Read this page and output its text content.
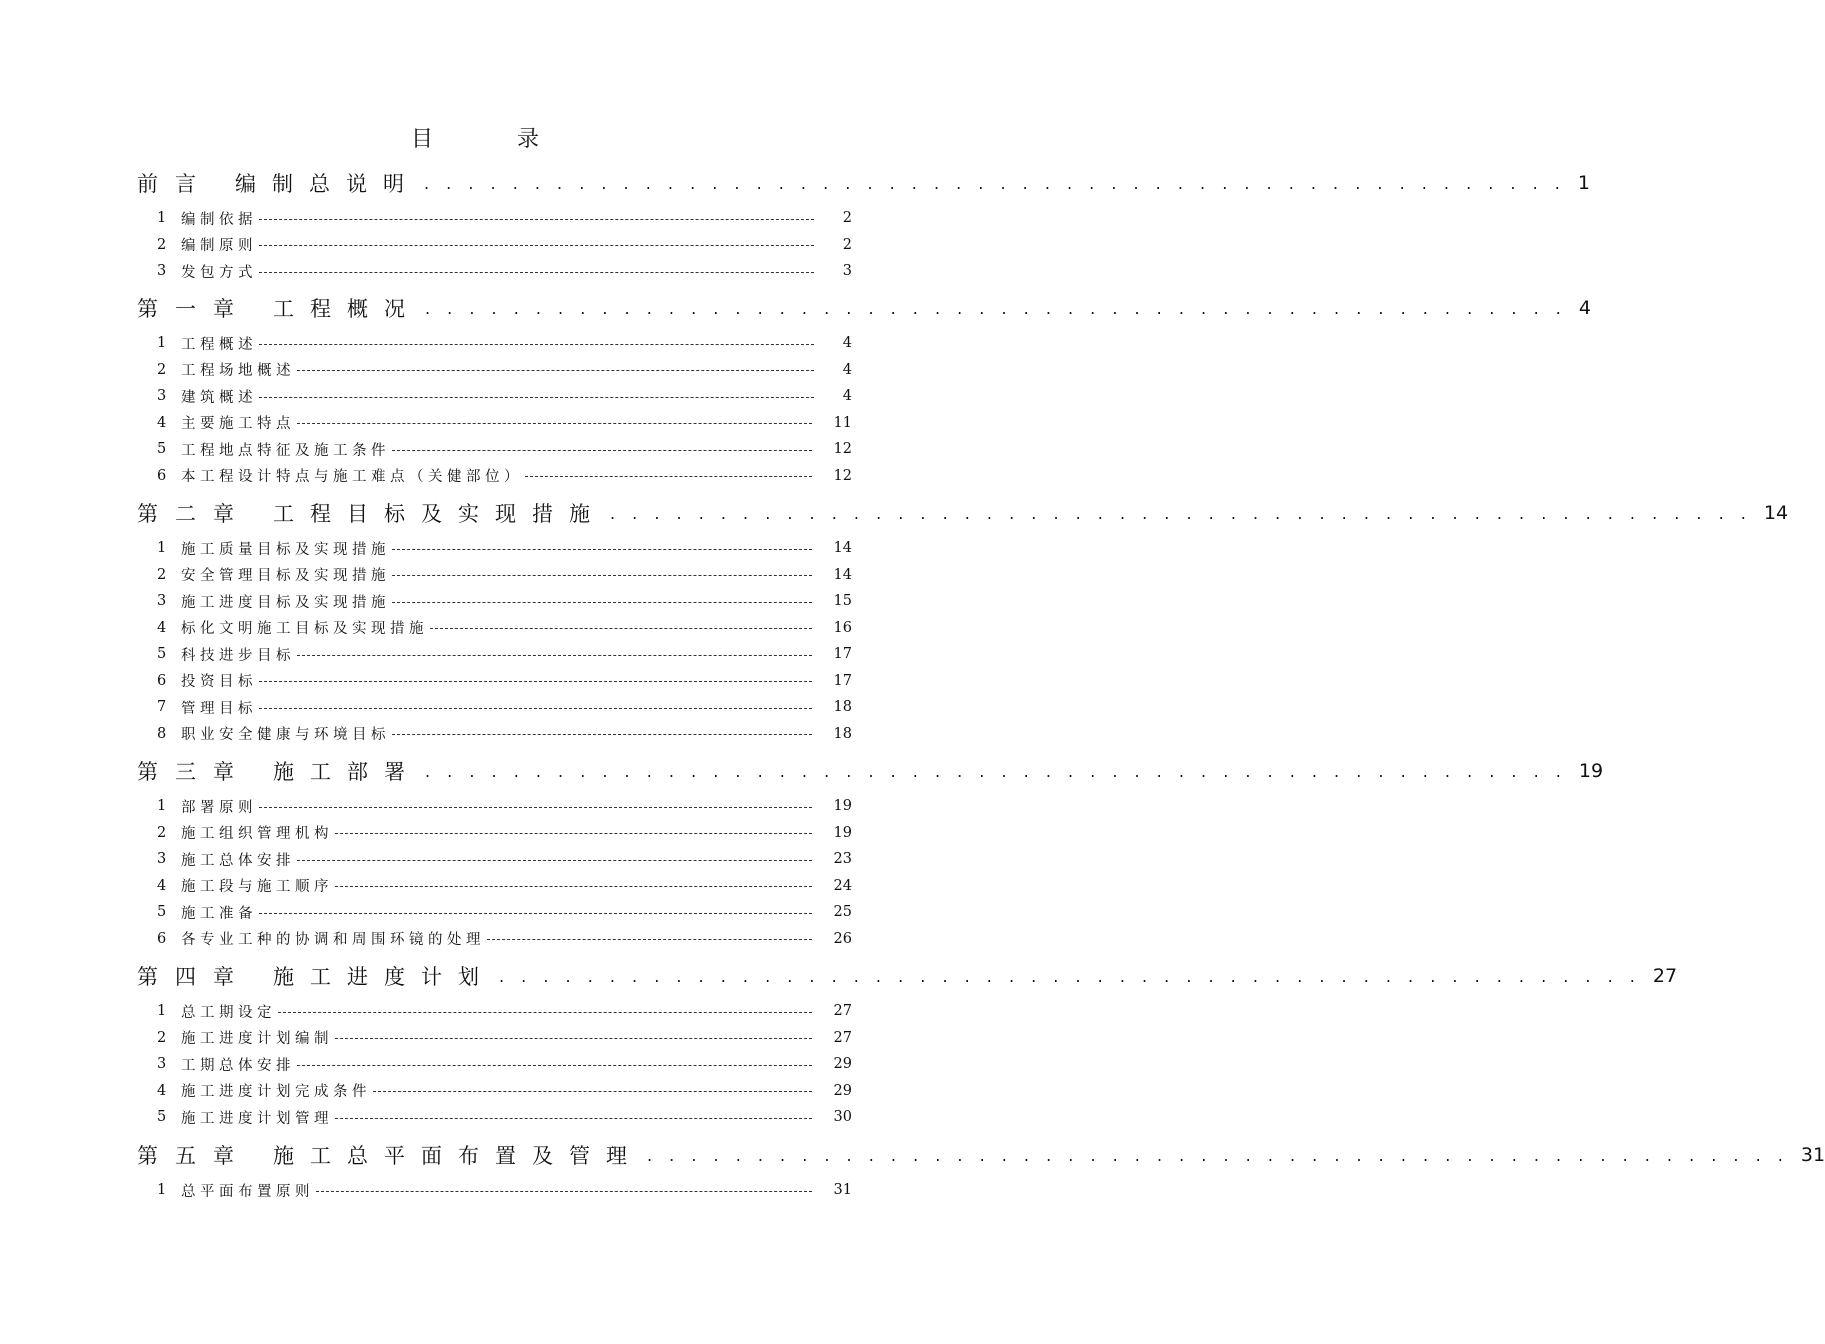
目录
前言 编制总说明 . . . . . . . . . . . . . . . . . . . . . . . . . . . . . . . . . . . . . . . . . . . . . . . . . . . . 1
1	编制依据	2
2	编制原则	2
3	发包方式	3
第一章 工程概况 . . . . . . . . . . . . . . . . . . . . . . . . . . . . . . . . . . . . . . . . . . . . . . . . . . . . 4
1	工程概述	4
2	工程场地概述	4
3	建筑概述	4
4	主要施工特点	11
5	工程地点特征及施工条件	12
6	本工程设计特点与施工难点（关健部位）	12
第二章 工程目标及实现措施 . . . . . . . . . . . . . . . . . . . . . . . . . . . . . . . . . . . . . . . . . . . . . . . . . . . . 14
1	施工质量目标及实现措施	14
2	安全管理目标及实现措施	14
3	施工进度目标及实现措施	15
4	标化文明施工目标及实现措施	16
5	科技进步目标	17
6	投资目标	17
7	管理目标	18
8	职业安全健康与环境目标	18
第三章 施工部署 . . . . . . . . . . . . . . . . . . . . . . . . . . . . . . . . . . . . . . . . . . . . . . . . . . . . 19
1	部署原则	19
2	施工组织管理机构	19
3	施工总体安排	23
4	施工段与施工顺序	24
5	施工准备	25
6	各专业工种的协调和周围环镜的处理	26
第四章 施工进度计划 . . . . . . . . . . . . . . . . . . . . . . . . . . . . . . . . . . . . . . . . . . . . . . . . . . . . 27
1	总工期设定	27
2	施工进度计划编制	27
3	工期总体安排	29
4	施工进度计划完成条件	29
5	施工进度计划管理	30
第五章 施工总平面布置及管理 . . . . . . . . . . . . . . . . . . . . . . . . . . . . . . . . . . . . . . . . . . . . . . . . . . . . 31
1	总平面布置原则	31
